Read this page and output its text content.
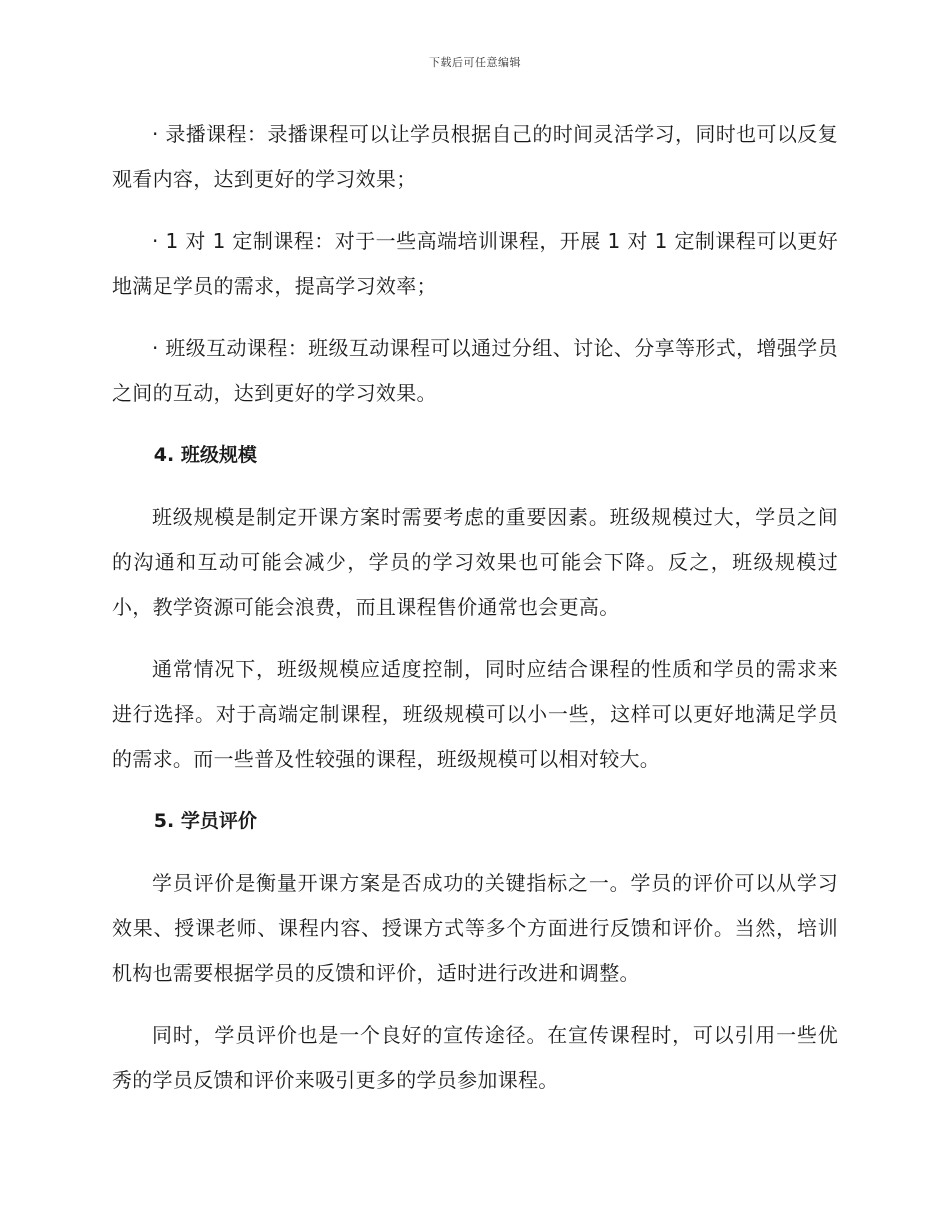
下载后可任意编辑

· 录播课程：录播课程可以让学员根据自己的时间灵活学习，同时也可以反复观看内容，达到更好的学习效果；

· 1 对 1 定制课程：对于一些高端培训课程，开展 1 对 1 定制课程可以更好地满足学员的需求，提高学习效率；

· 班级互动课程：班级互动课程可以通过分组、讨论、分享等形式，增强学员之间的互动，达到更好的学习效果。

4. 班级规模

班级规模是制定开课方案时需要考虑的重要因素。班级规模过大，学员之间的沟通和互动可能会减少，学员的学习效果也可能会下降。反之，班级规模过小，教学资源可能会浪费，而且课程售价通常也会更高。

通常情况下，班级规模应适度控制，同时应结合课程的性质和学员的需求来进行选择。对于高端定制课程，班级规模可以小一些，这样可以更好地满足学员的需求。而一些普及性较强的课程，班级规模可以相对较大。

5. 学员评价

学员评价是衡量开课方案是否成功的关键指标之一。学员的评价可以从学习效果、授课老师、课程内容、授课方式等多个方面进行反馈和评价。当然，培训机构也需要根据学员的反馈和评价，适时进行改进和调整。

同时，学员评价也是一个良好的宣传途径。在宣传课程时，可以引用一些优秀的学员反馈和评价来吸引更多的学员参加课程。
